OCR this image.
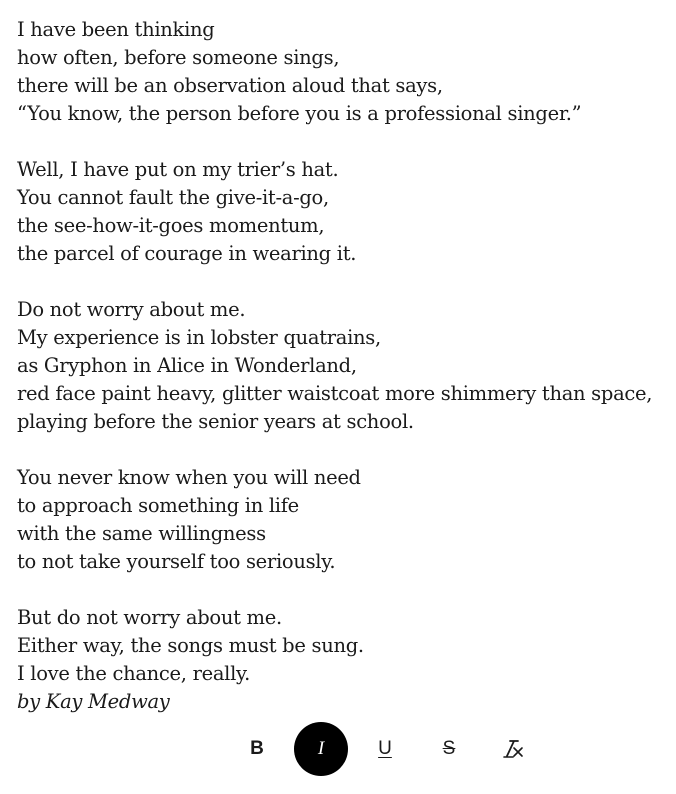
I have been thinking
how often, before someone sings,
there will be an observation aloud that says,
“You know, the person before you is a professional singer.”
Well, I have put on my trier’s hat.
You cannot fault the give-it-a-go,
the see-how-it-goes momentum,
the parcel of courage in wearing it.
Do not worry about me.
My experience is in lobster quatrains,
as Gryphon in Alice in Wonderland,
red face paint heavy, glitter waistcoat more shimmery than space,
playing before the senior years at school.
You never know when you will need
to approach something in life
with the same willingness
to not take yourself too seriously.
But do not worry about me.
Either way, the songs must be sung.
I love the chance, really.
by Kay Medway
B	I	U	S
